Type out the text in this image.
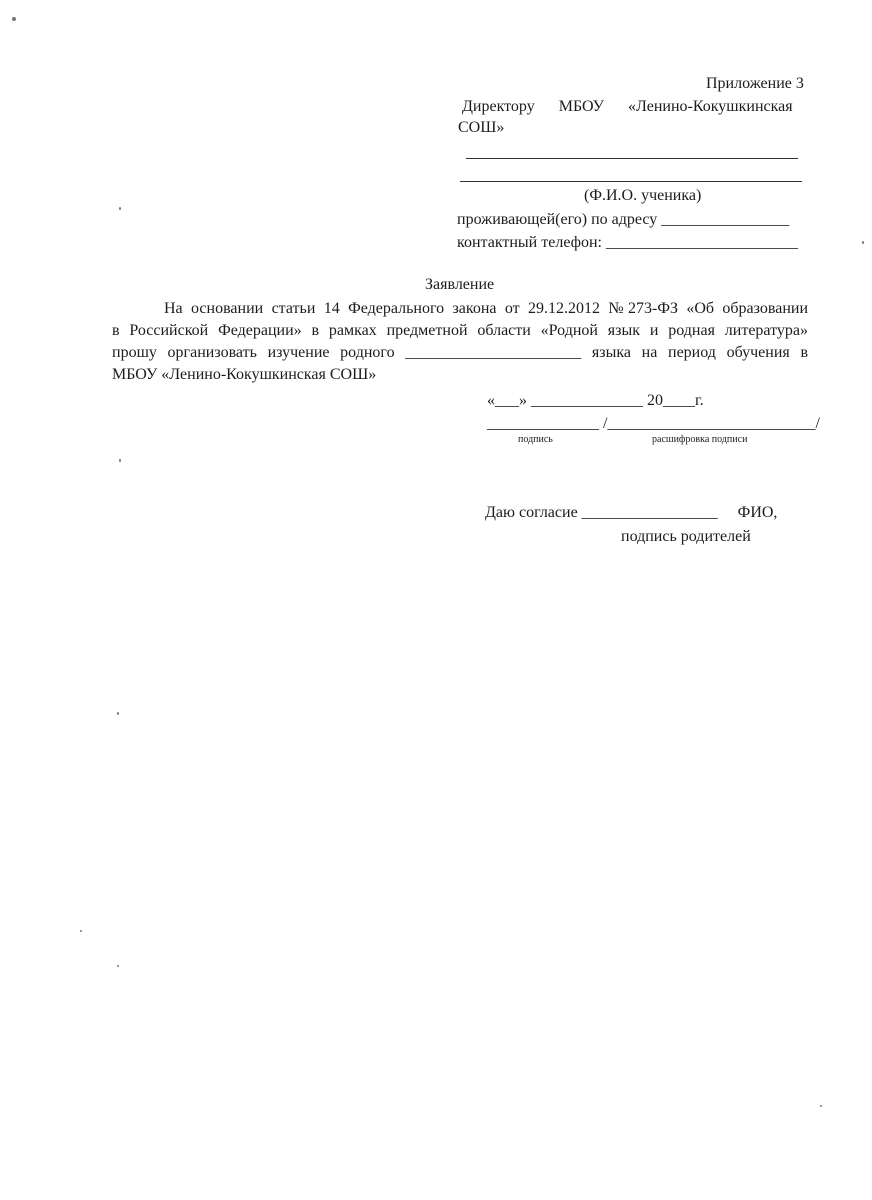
Приложение 3
Директору      МБОУ      «Ленино-Кокушкинская
СОШ»
(Ф.И.О. ученика)
проживающей(его) по адресу ________________
контактный телефон: ________________________
Заявление

На основании статьи 14 Федерального закона от 29.12.2012 №273-ФЗ «Об образовании

в Российской Федерации» в рамках предметной области «Родной язык и родная литература»

прошу организовать изучение родного ______________________ языка на период обучения в

МБОУ «Ленино-Кокушкинская СОШ»

«___» ______________ 20____г.
______________ /__________________________/
подпись	расшифровка подписи
Даю согласие _________________     ФИО,
подпись родителей
